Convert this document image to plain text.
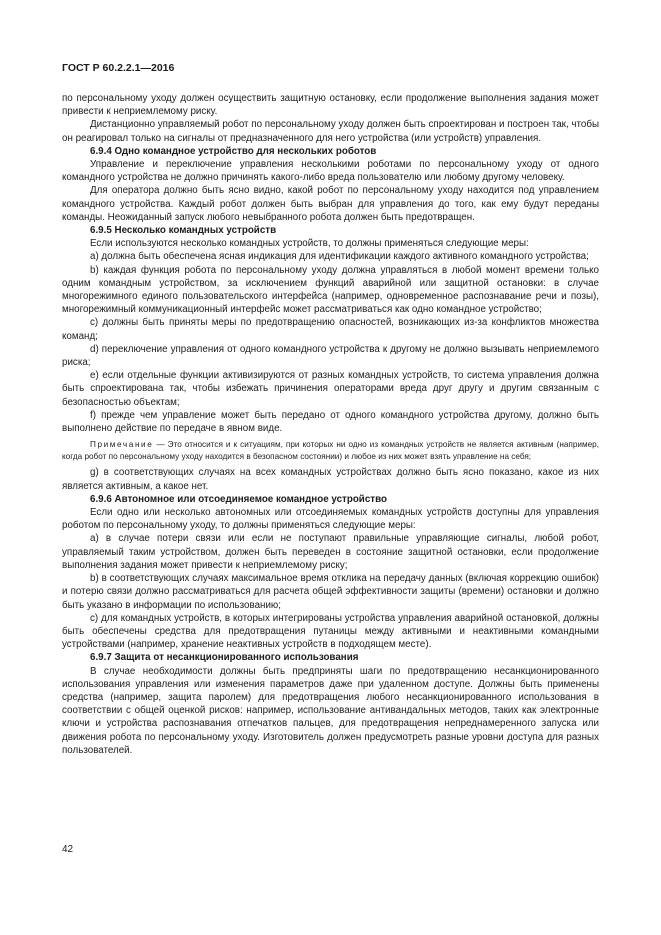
ГОСТ Р 60.2.2.1—2016

по персональному уходу должен осуществить защитную остановку, если продолжение выполнения задания может привести к неприемлемому риску.

Дистанционно управляемый робот по персональному уходу должен быть спроектирован и построен так, чтобы он реагировал только на сигналы от предназначенного для него устройства (или устройств) управления.

6.9.4 Одно командное устройство для нескольких роботов

Управление и переключение управления несколькими роботами по персональному уходу от одного командного устройства не должно причинять какого-либо вреда пользователю или любому другому человеку.

Для оператора должно быть ясно видно, какой робот по персональному уходу находится под управлением командного устройства. Каждый робот должен быть выбран для управления до того, как ему будут переданы команды. Неожиданный запуск любого невыбранного робота должен быть предотвращен.

6.9.5 Несколько командных устройств

Если используются несколько командных устройств, то должны применяться следующие меры:

a) должна быть обеспечена ясная индикация для идентификации каждого активного командного устройства;

b) каждая функция робота по персональному уходу должна управляться в любой момент времени только одним командным устройством, за исключением функций аварийной или защитной остановки: в случае многорежимного единого пользовательского интерфейса (например, одновременное распознавание речи и позы), многорежимный коммуникационный интерфейс может рассматриваться как одно командное устройство;

c) должны быть приняты меры по предотвращению опасностей, возникающих из-за конфликтов множества команд;

d) переключение управления от одного командного устройства к другому не должно вызывать неприемлемого риска;

e) если отдельные функции активизируются от разных командных устройств, то система управления должна быть спроектирована так, чтобы избежать причинения операторами вреда друг другу и другим связанным с безопасностью объектам;

f) прежде чем управление может быть передано от одного командного устройства другому, должно быть выполнено действие по передаче в явном виде.

Примечание — Это относится и к ситуациям, при которых ни одно из командных устройств не является активным (например, когда робот по персональному уходу находится в безопасном состоянии) и любое из них может взять управление на себя;

g) в соответствующих случаях на всех командных устройствах должно быть ясно показано, какое из них является активным, а какое нет.

6.9.6 Автономное или отсоединяемое командное устройство

Если одно или несколько автономных или отсоединяемых командных устройств доступны для управления роботом по персональному уходу, то должны применяться следующие меры:

a) в случае потери связи или если не поступают правильные управляющие сигналы, любой робот, управляемый таким устройством, должен быть переведен в состояние защитной остановки, если продолжение выполнения задания может привести к неприемлемому риску;

b) в соответствующих случаях максимальное время отклика на передачу данных (включая коррекцию ошибок) и потерю связи должно рассматриваться для расчета общей эффективности защиты (времени) остановки и должно быть указано в информации по использованию;

c) для командных устройств, в которых интегрированы устройства управления аварийной остановкой, должны быть обеспечены средства для предотвращения путаницы между активными и неактивными командными устройствами (например, хранение неактивных устройств в подходящем месте).

6.9.7 Защита от несанкционированного использования

В случае необходимости должны быть предприняты шаги по предотвращению несанкционированного использования управления или изменения параметров даже при удаленном доступе. Должны быть применены средства (например, защита паролем) для предотвращения любого несанкционированного использования в соответствии с общей оценкой рисков: например, использование антивандальных методов, таких как электронные ключи и устройства распознавания отпечатков пальцев, для предотвращения непреднамеренного запуска или движения робота по персональному уходу. Изготовитель должен предусмотреть разные уровни доступа для разных пользователей.

42
